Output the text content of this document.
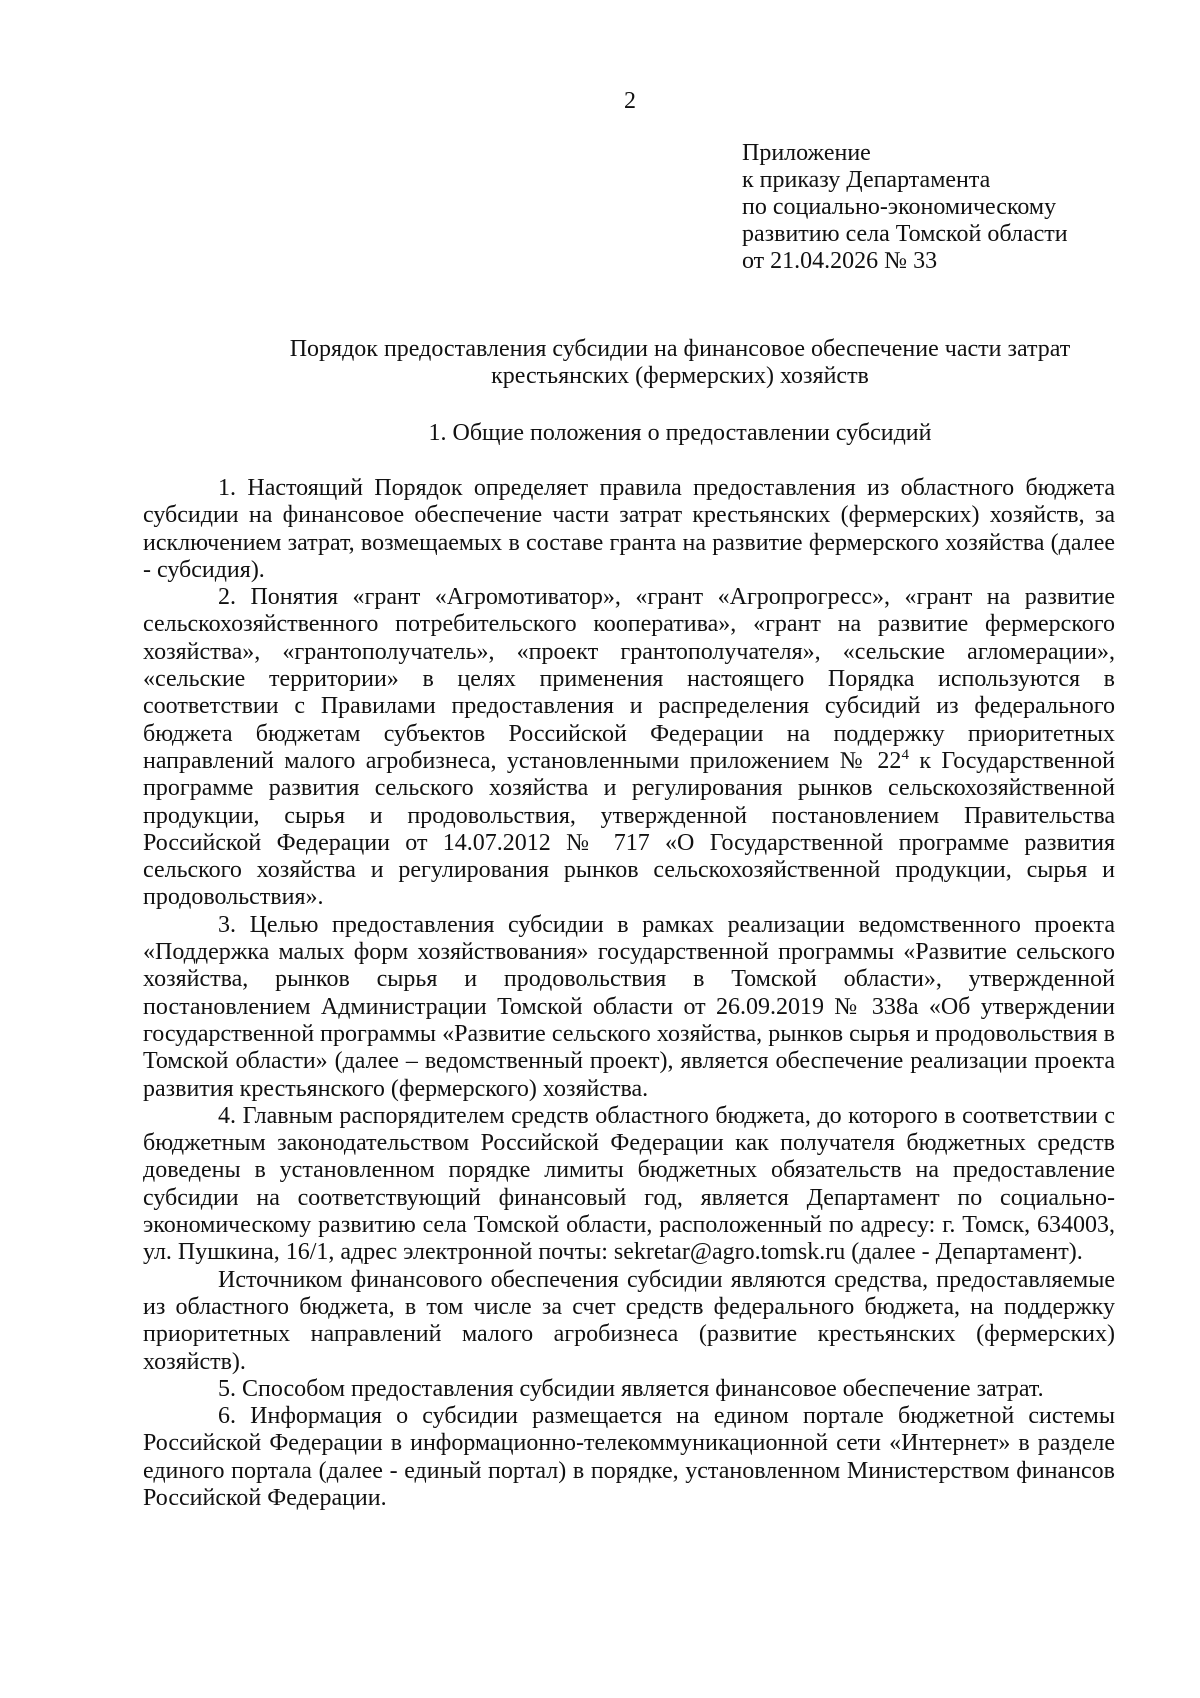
2
Приложение
к приказу Департамента
по социально-экономическому
развитию села Томской области
от 21.04.2026 № 33
Порядок предоставления субсидии на финансовое обеспечение части затрат
крестьянских (фермерских) хозяйств
1. Общие положения о предоставлении субсидий

1. Настоящий Порядок определяет правила предоставления из областного бюджета субсидии на финансовое обеспечение части затрат крестьянских (фермерских) хозяйств, за исключением затрат, возмещаемых в составе гранта на развитие фермерского хозяйства (далее - субсидия).

2. Понятия «грант «Агромотиватор», «грант «Агропрогресс», «грант на развитие сельскохозяйственного потребительского кооператива», «грант на развитие фермерского хозяйства», «грантополучатель», «проект грантополучателя», «сельские агломерации», «сельские территории» в целях применения настоящего Порядка используются в соответствии с Правилами предоставления и распределения субсидий из федерального бюджета бюджетам субъектов Российской Федерации на поддержку приоритетных направлений малого агробизнеса, установленными приложением № $22^4$ к Государственной программе развития сельского хозяйства и регулирования рынков сельскохозяйственной продукции, сырья и продовольствия, утвержденной постановлением Правительства Российской Федерации от 14.07.2012 № 717 «О Государственной программе развития сельского хозяйства и регулирования рынков сельскохозяйственной продукции, сырья и продовольствия».

3. Целью предоставления субсидии в рамках реализации ведомственного проекта «Поддержка малых форм хозяйствования» государственной программы «Развитие сельского хозяйства, рынков сырья и продовольствия в Томской области», утвержденной постановлением Администрации Томской области от 26.09.2019 № 338а «Об утверждении государственной программы «Развитие сельского хозяйства, рынков сырья и продовольствия в Томской области» (далее – ведомственный проект), является обеспечение реализации проекта развития крестьянского (фермерского) хозяйства.

4. Главным распорядителем средств областного бюджета, до которого в соответствии с бюджетным законодательством Российской Федерации как получателя бюджетных средств доведены в установленном порядке лимиты бюджетных обязательств на предоставление субсидии на соответствующий финансовый год, является Департамент по социально-экономическому развитию села Томской области, расположенный по адресу: г. Томск, 634003, ул. Пушкина, 16/1, адрес электронной почты: sekretar@agro.tomsk.ru (далее - Департамент).

Источником финансового обеспечения субсидии являются средства, предоставляемые из областного бюджета, в том числе за счет средств федерального бюджета, на поддержку приоритетных направлений малого агробизнеса (развитие крестьянских (фермерских) хозяйств).

5. Способом предоставления субсидии является финансовое обеспечение затрат.

6. Информация о субсидии размещается на едином портале бюджетной системы Российской Федерации в информационно-телекоммуникационной сети «Интернет» в разделе единого портала (далее - единый портал) в порядке, установленном Министерством финансов Российской Федерации.
